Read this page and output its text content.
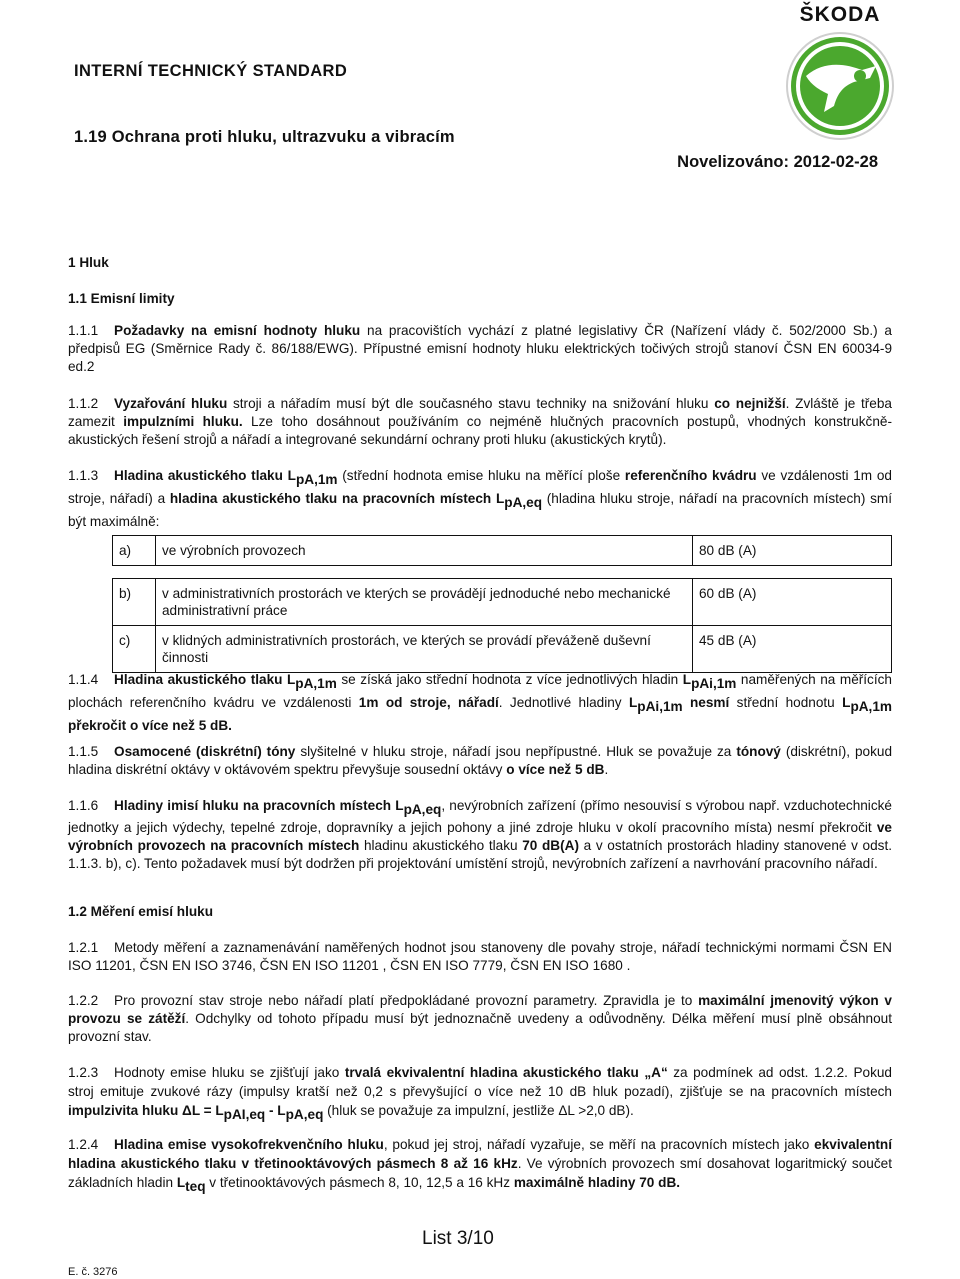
ŠKODA
INTERNÍ TECHNICKÝ STANDARD
1.19 Ochrana proti hluku, ultrazvuku a vibracím
Novelizováno: 2012-02-28
1 Hluk
1.1 Emisní limity
1.1.1 Požadavky na emisní hodnoty hluku na pracovištích vychází z platné legislativy ČR (Nařízení vlády č. 502/2000 Sb.) a předpisů EG (Směrnice Rady č. 86/188/EWG). Přípustné emisní hodnoty hluku elektrických točivých strojů stanoví ČSN EN 60034-9 ed.2
1.1.2 Vyzařování hluku stroji a nářadím musí být dle současného stavu techniky na snižování hluku co nejnižší. Zvláště je třeba zamezit impulzními hluku. Lze toho dosáhnout používáním co nejméně hlučných pracovních postupů, vhodných konstrukčně-akustických řešení strojů a nářadí a integrované sekundární ochrany proti hluku (akustických krytů).
1.1.3 Hladina akustického tlaku LpA,1m (střední hodnota emise hluku na měřící ploše referenčního kvádru ve vzdálenosti 1m od stroje, nářadí) a hladina akustického tlaku na pracovních místech LpA,eq (hladina hluku stroje, nářadí na pracovních místech) smí být maximálně:
a)	ve výrobních provozech	80 dB (A)

b)	v administrativních prostorách ve kterých se provádějí jednoduché nebo mechanické administrativní práce	60 dB (A)
c)	v klidných administrativních prostorách, ve kterých se provádí převáženě duševní činnosti	45 dB (A)
1.1.4 Hladina akustického tlaku LpA,1m se získá jako střední hodnota z více jednotlivých hladin LpAi,1m naměřených na měřících plochách referenčního kvádru ve vzdálenosti 1m od stroje, nářadí. Jednotlivé hladiny LpAi,1m nesmí střední hodnotu LpA,1m překročit o více než 5 dB.
1.1.5 Osamocené (diskrétní) tóny slyšitelné v hluku stroje, nářadí jsou nepřípustné. Hluk se považuje za tónový (diskrétní), pokud hladina diskrétní oktávy v oktávovém spektru převyšuje sousední oktávy o více než 5 dB.
1.1.6 Hladiny imisí hluku na pracovních místech LpA,eq, nevýrobních zařízení (přímo nesouvisí s výrobou např. vzduchotechnické jednotky a jejich výdechy, tepelné zdroje, dopravníky a jejich pohony a jiné zdroje hluku v okolí pracovního místa) nesmí překročit ve výrobních provozech na pracovních místech hladinu akustického tlaku 70 dB(A) a v ostatních prostorách hladiny stanovené v odst. 1.1.3. b), c). Tento požadavek musí být dodržen při projektování umístění strojů, nevýrobních zařízení a navrhování pracovního nářadí.
1.2 Měření emisí hluku
1.2.1 Metody měření a zaznamenávání naměřených hodnot jsou stanoveny dle povahy stroje, nářadí technickými normami ČSN EN ISO 11201, ČSN EN ISO 3746, ČSN EN ISO 11201 , ČSN EN ISO 7779, ČSN EN ISO 1680 .
1.2.2 Pro provozní stav stroje nebo nářadí platí předpokládané provozní parametry. Zpravidla je to maximální jmenovitý výkon v provozu se zátěží. Odchylky od tohoto případu musí být jednoznačně uvedeny a odůvodněny. Délka měření musí plně obsáhnout provozní stav.
1.2.3 Hodnoty emise hluku se zjišťují jako trvalá ekvivalentní hladina akustického tlaku „A“ za podmínek ad odst. 1.2.2. Pokud stroj emituje zvukové rázy (impulsy kratší než 0,2 s převyšující o více než 10 dB hluk pozadí), zjišťuje se na pracovních místech impulzivita hluku ΔL = LpAI,eq - LpA,eq (hluk se považuje za impulzní, jestliže ΔL >2,0 dB).
1.2.4 Hladina emise vysokofrekvenčního hluku, pokud jej stroj, nářadí vyzařuje, se měří na pracovních místech jako ekvivalentní hladina akustického tlaku v třetinooktávových pásmech 8 až 16 kHz. Ve výrobních provozech smí dosahovat logaritmický součet základních hladin Lteq v třetinooktávových pásmech 8, 10, 12,5 a 16 kHz maximálně hladiny 70 dB.
List 3/10
E. č. 3276
